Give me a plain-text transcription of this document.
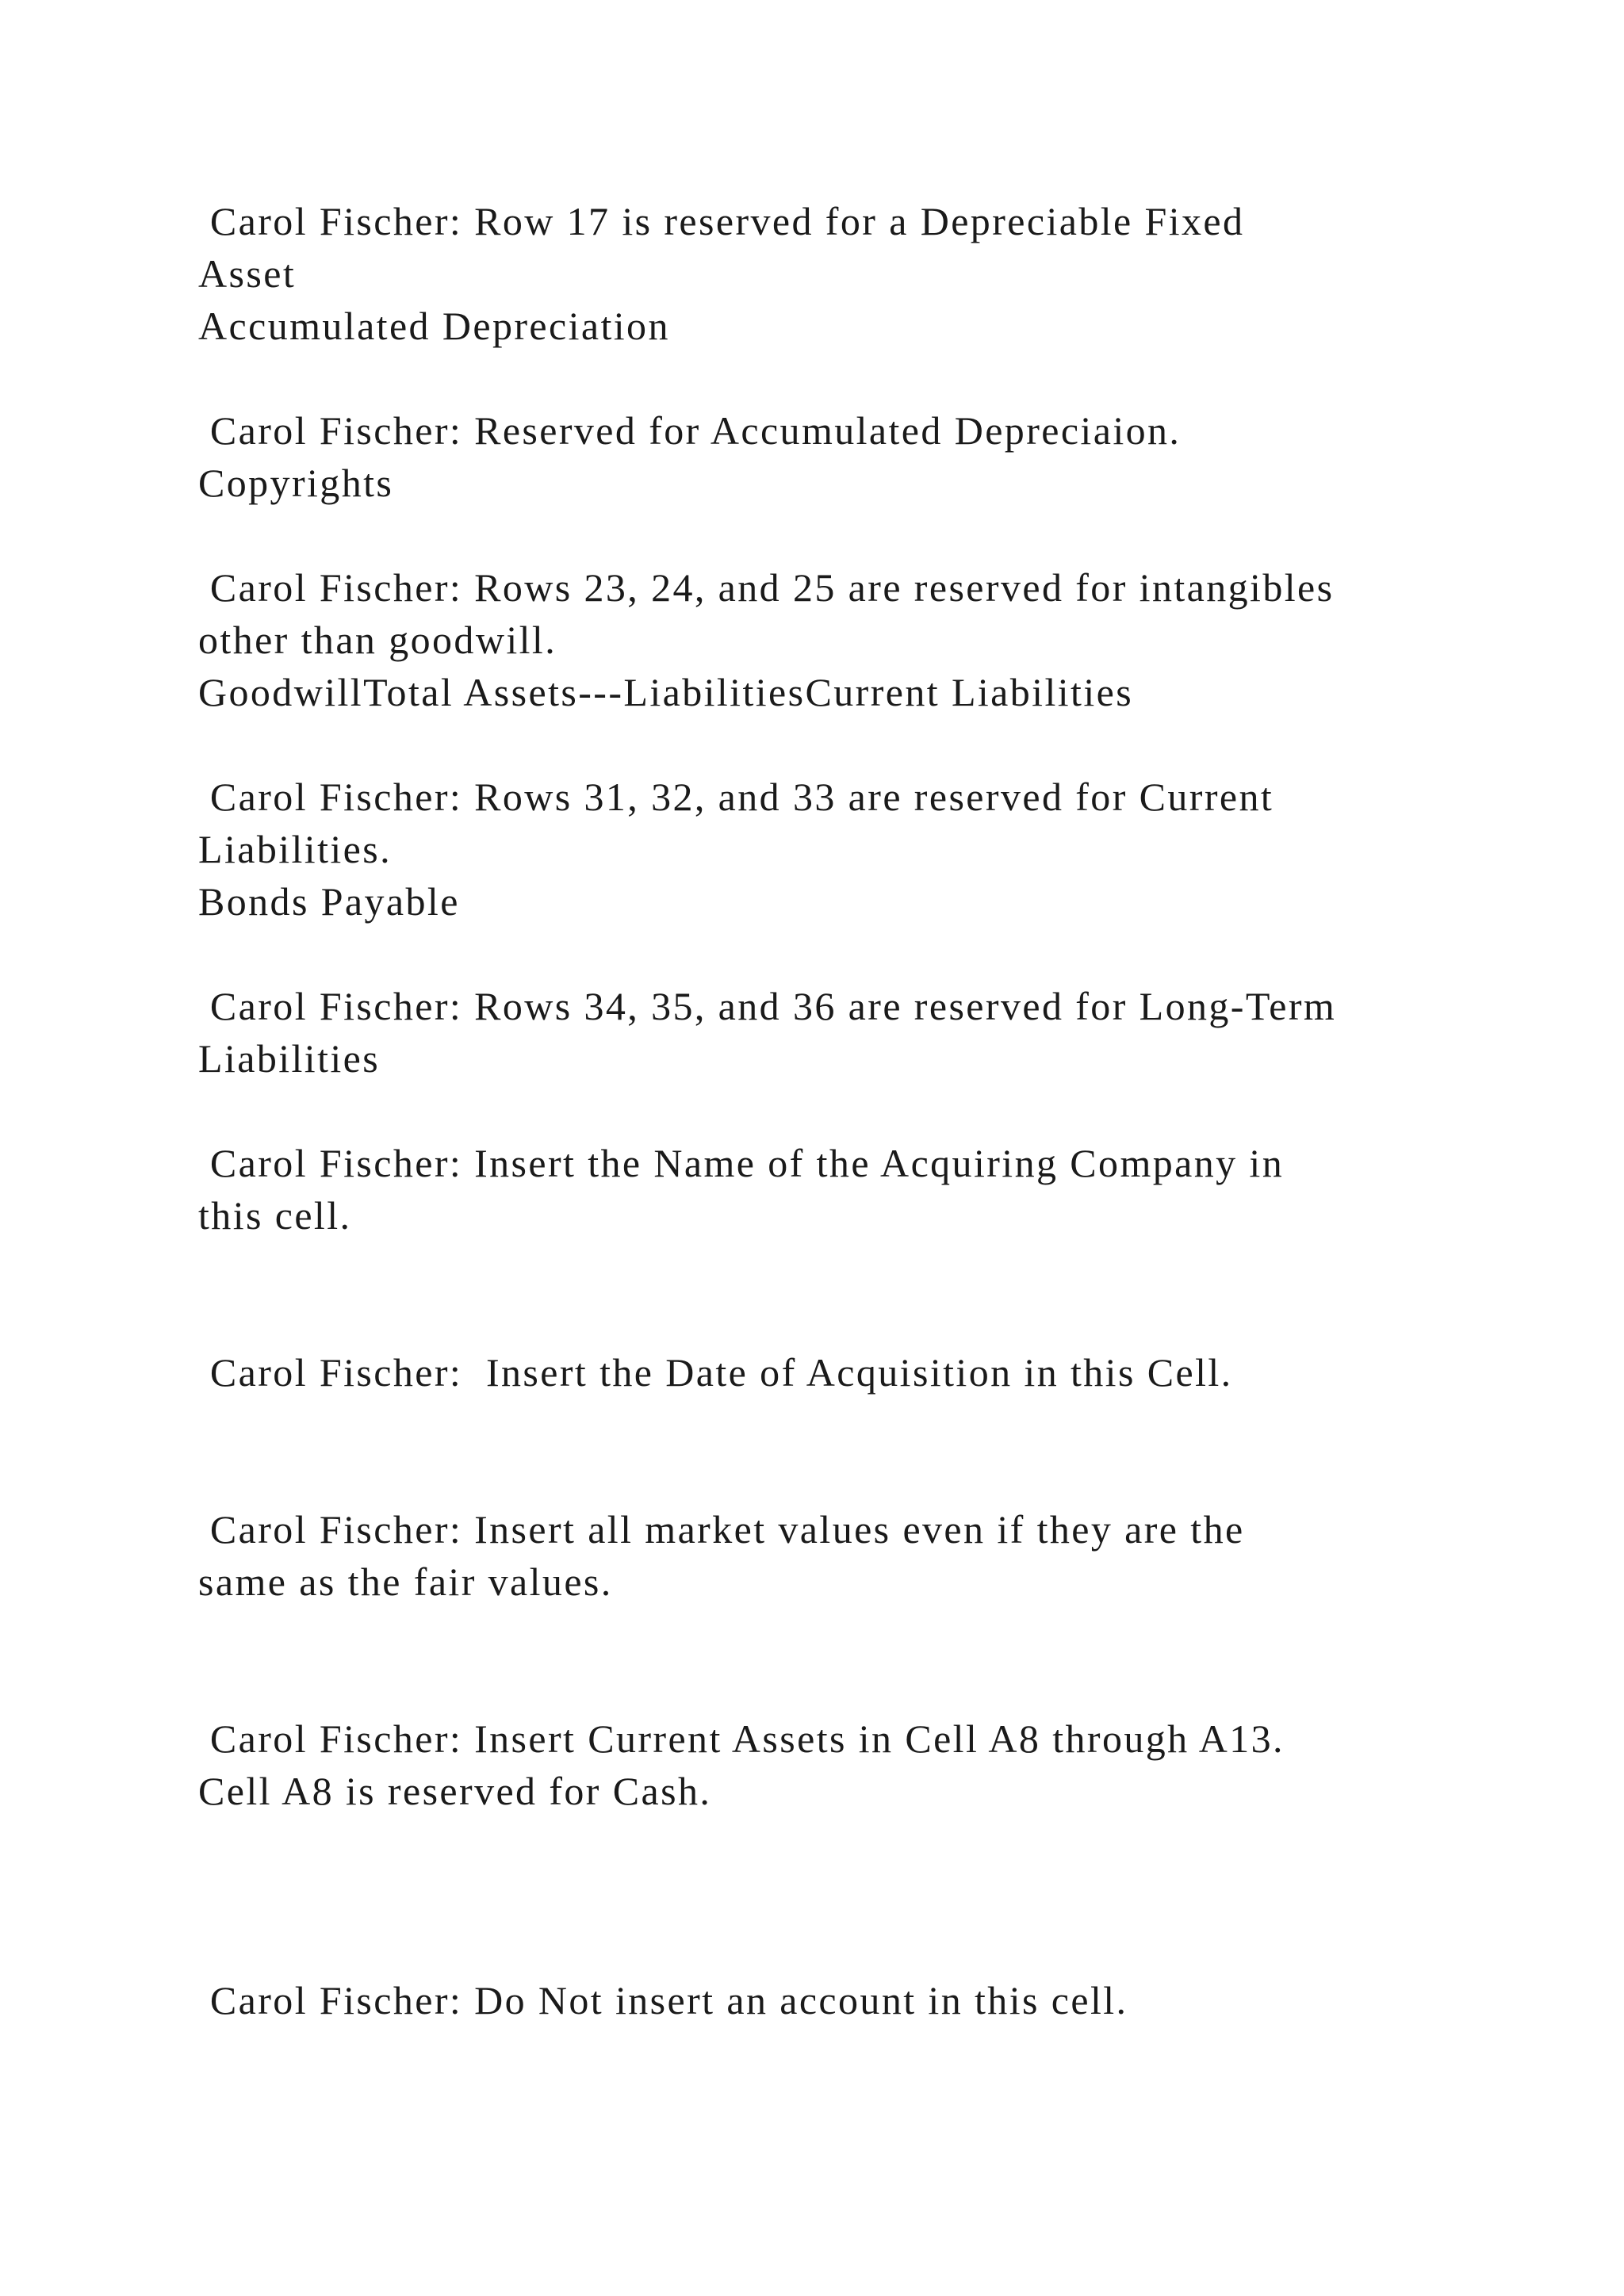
Carol Fischer: Row 17 is reserved for a Depreciable Fixed
Asset
Accumulated Depreciation
Carol Fischer: Reserved for Accumulated Depreciaion.
Copyrights
Carol Fischer: Rows 23, 24, and 25 are reserved for intangibles
other than goodwill.
GoodwillTotal Assets---LiabilitiesCurrent Liabilities
Carol Fischer: Rows 31, 32, and 33 are reserved for Current
Liabilities.
Bonds Payable
Carol Fischer: Rows 34, 35, and 36 are reserved for Long-Term
Liabilities
Carol Fischer: Insert the Name of the Acquiring Company in
this cell.
Carol Fischer:  Insert the Date of Acquisition in this Cell.
Carol Fischer: Insert all market values even if they are the
same as the fair values.
Carol Fischer: Insert Current Assets in Cell A8 through A13.
Cell A8 is reserved for Cash.
Carol Fischer: Do Not insert an account in this cell.
